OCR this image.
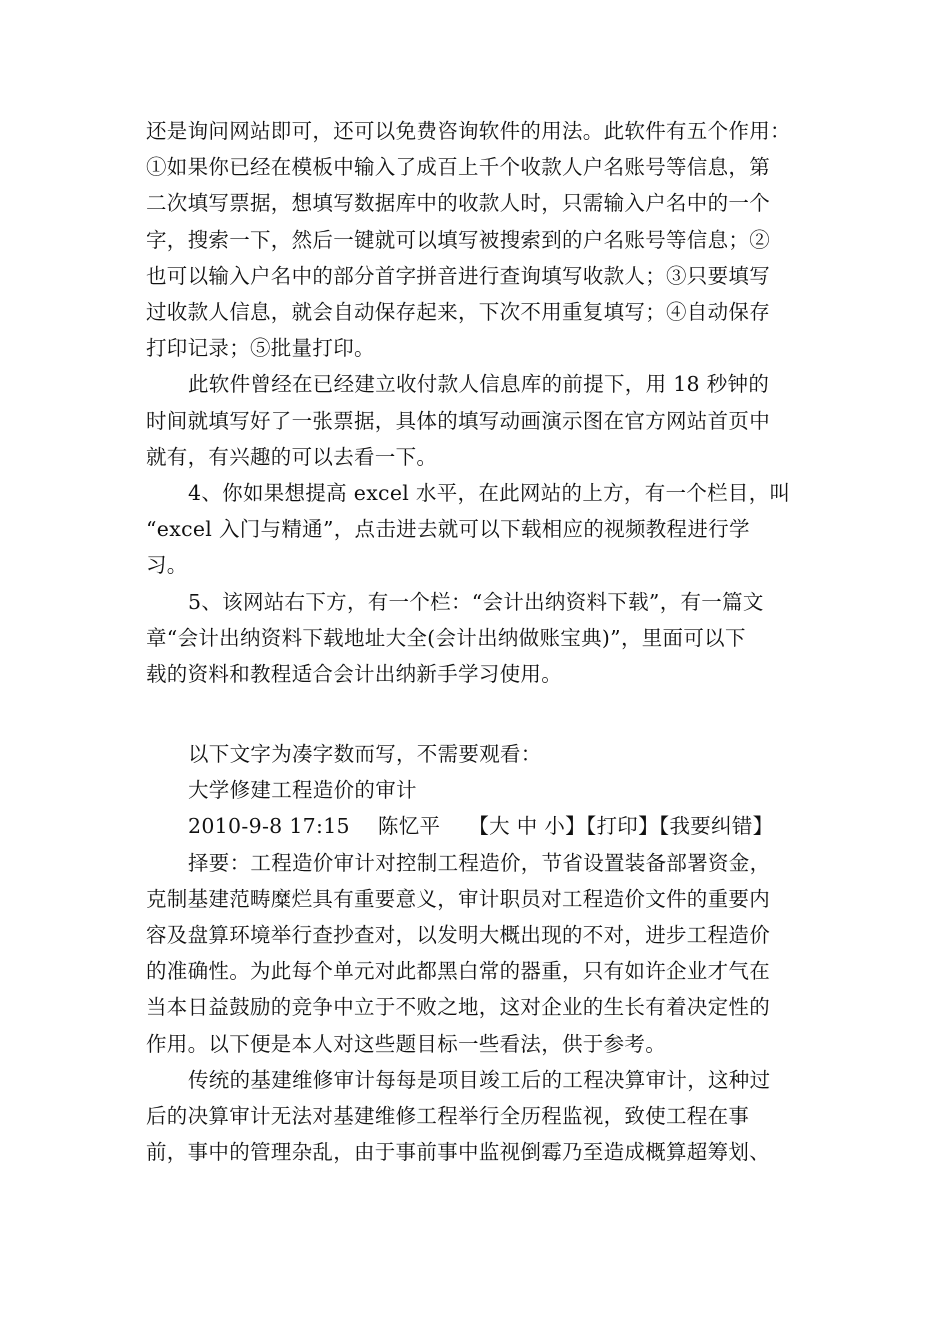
还是询问网站即可，还可以免费咨询软件的用法。此软件有五个作用：
①如果你已经在模板中输入了成百上千个收款人户名账号等信息，第
二次填写票据，想填写数据库中的收款人时，只需输入户名中的一个
字，搜索一下，然后一键就可以填写被搜索到的户名账号等信息；②
也可以输入户名中的部分首字拼音进行查询填写收款人；③只要填写
过收款人信息，就会自动保存起来，下次不用重复填写；④自动保存
打印记录；⑤批量打印。
此软件曾经在已经建立收付款人信息库的前提下，用 18 秒钟的
时间就填写好了一张票据，具体的填写动画演示图在官方网站首页中
就有，有兴趣的可以去看一下。
4、你如果想提高 excel 水平，在此网站的上方，有一个栏目，叫
“excel 入门与精通”，点击进去就可以下载相应的视频教程进行学
习。
5、该网站右下方，有一个栏：“会计出纳资料下载”，有一篇文
章“会计出纳资料下载地址大全(会计出纳做账宝典)”，里面可以下
载的资料和教程适合会计出纳新手学习使用。
以下文字为凑字数而写，不需要观看：
大学修建工程造价的审计
2010-9-8 17:15 陈忆平 【大 中 小】【打印】【我要纠错】
择要：工程造价审计对控制工程造价，节省设置装备部署资金，
克制基建范畴糜烂具有重要意义，审计职员对工程造价文件的重要内
容及盘算环境举行查抄查对，以发明大概出现的不对，进步工程造价
的准确性。为此每个单元对此都黑白常的器重，只有如许企业才气在
当本日益鼓励的竞争中立于不败之地，这对企业的生长有着决定性的
作用。以下便是本人对这些题目标一些看法，供于参考。
传统的基建维修审计每每是项目竣工后的工程决算审计，这种过
后的决算审计无法对基建维修工程举行全历程监视，致使工程在事
前，事中的管理杂乱，由于事前事中监视倒霉乃至造成概算超筹划、
